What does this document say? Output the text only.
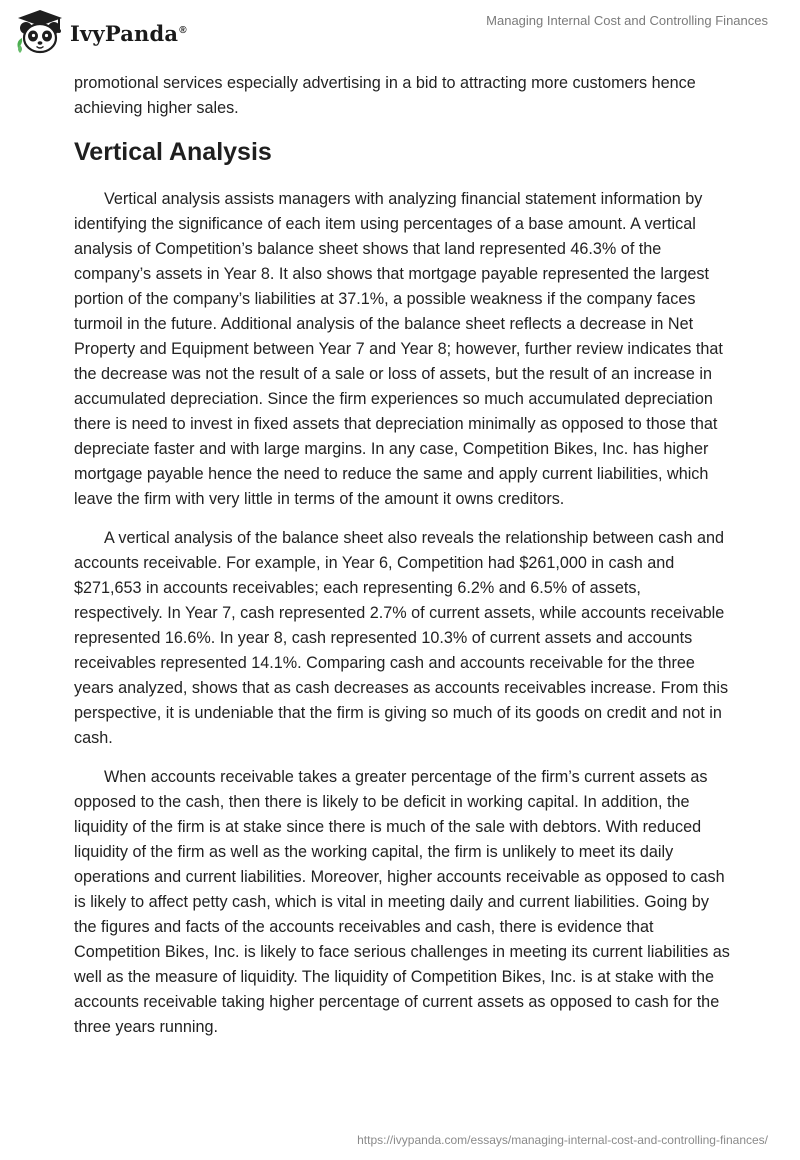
IvyPanda®
Managing Internal Cost and Controlling Finances

promotional services especially advertising in a bid to attracting more customers hence achieving higher sales.

Vertical Analysis

Vertical analysis assists managers with analyzing financial statement information by identifying the significance of each item using percentages of a base amount. A vertical analysis of Competition’s balance sheet shows that land represented 46.3% of the company’s assets in Year 8. It also shows that mortgage payable represented the largest portion of the company’s liabilities at 37.1%, a possible weakness if the company faces turmoil in the future. Additional analysis of the balance sheet reflects a decrease in Net Property and Equipment between Year 7 and Year 8; however, further review indicates that the decrease was not the result of a sale or loss of assets, but the result of an increase in accumulated depreciation. Since the firm experiences so much accumulated depreciation there is need to invest in fixed assets that depreciation minimally as opposed to those that depreciate faster and with large margins. In any case, Competition Bikes, Inc. has higher mortgage payable hence the need to reduce the same and apply current liabilities, which leave the firm with very little in terms of the amount it owns creditors.

A vertical analysis of the balance sheet also reveals the relationship between cash and accounts receivable. For example, in Year 6, Competition had $261,000 in cash and $271,653 in accounts receivables; each representing 6.2% and 6.5% of assets, respectively. In Year 7, cash represented 2.7% of current assets, while accounts receivable represented 16.6%. In year 8, cash represented 10.3% of current assets and accounts receivables represented 14.1%. Comparing cash and accounts receivable for the three years analyzed, shows that as cash decreases as accounts receivables increase. From this perspective, it is undeniable that the firm is giving so much of its goods on credit and not in cash.

When accounts receivable takes a greater percentage of the firm’s current assets as opposed to the cash, then there is likely to be deficit in working capital. In addition, the liquidity of the firm is at stake since there is much of the sale with debtors. With reduced liquidity of the firm as well as the working capital, the firm is unlikely to meet its daily operations and current liabilities. Moreover, higher accounts receivable as opposed to cash is likely to affect petty cash, which is vital in meeting daily and current liabilities. Going by the figures and facts of the accounts receivables and cash, there is evidence that Competition Bikes, Inc. is likely to face serious challenges in meeting its current liabilities as well as the measure of liquidity. The liquidity of Competition Bikes, Inc. is at stake with the accounts receivable taking higher percentage of current assets as opposed to cash for the three years running.

https://ivypanda.com/essays/managing-internal-cost-and-controlling-finances/
